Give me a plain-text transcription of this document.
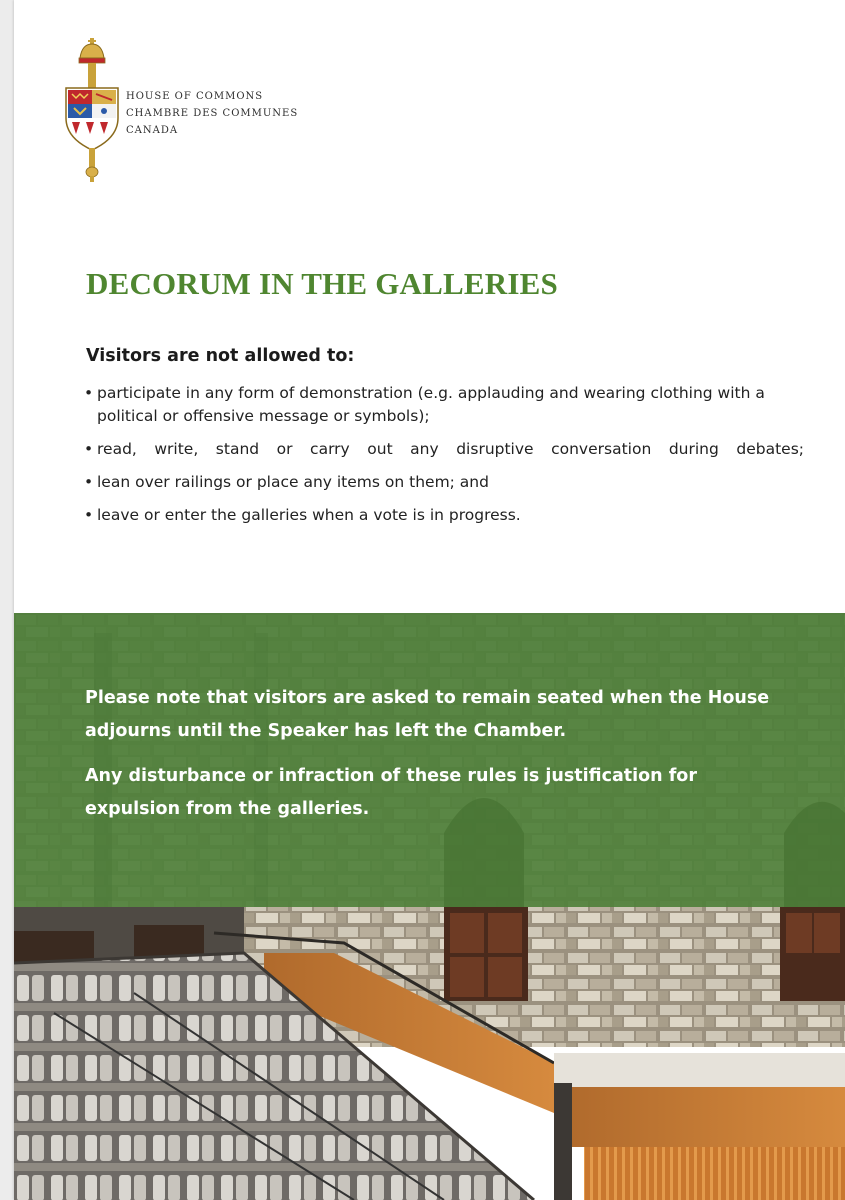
HOUSE OF COMMONS
CHAMBRE DES COMMUNES
CANADA
DECORUM IN THE GALLERIES
Visitors are not allowed to:
• participate in any form of demonstration (e.g. applauding and wearing clothing with a political or offensive message or symbols);
• read, write, stand or carry out any disruptive conversation during debates;
• lean over railings or place any items on them; and
• leave or enter the galleries when a vote is in progress.
Please note that visitors are asked to remain seated when the House adjourns until the Speaker has left the Chamber.
Any disturbance or infraction of these rules is justification for expulsion from the galleries.
